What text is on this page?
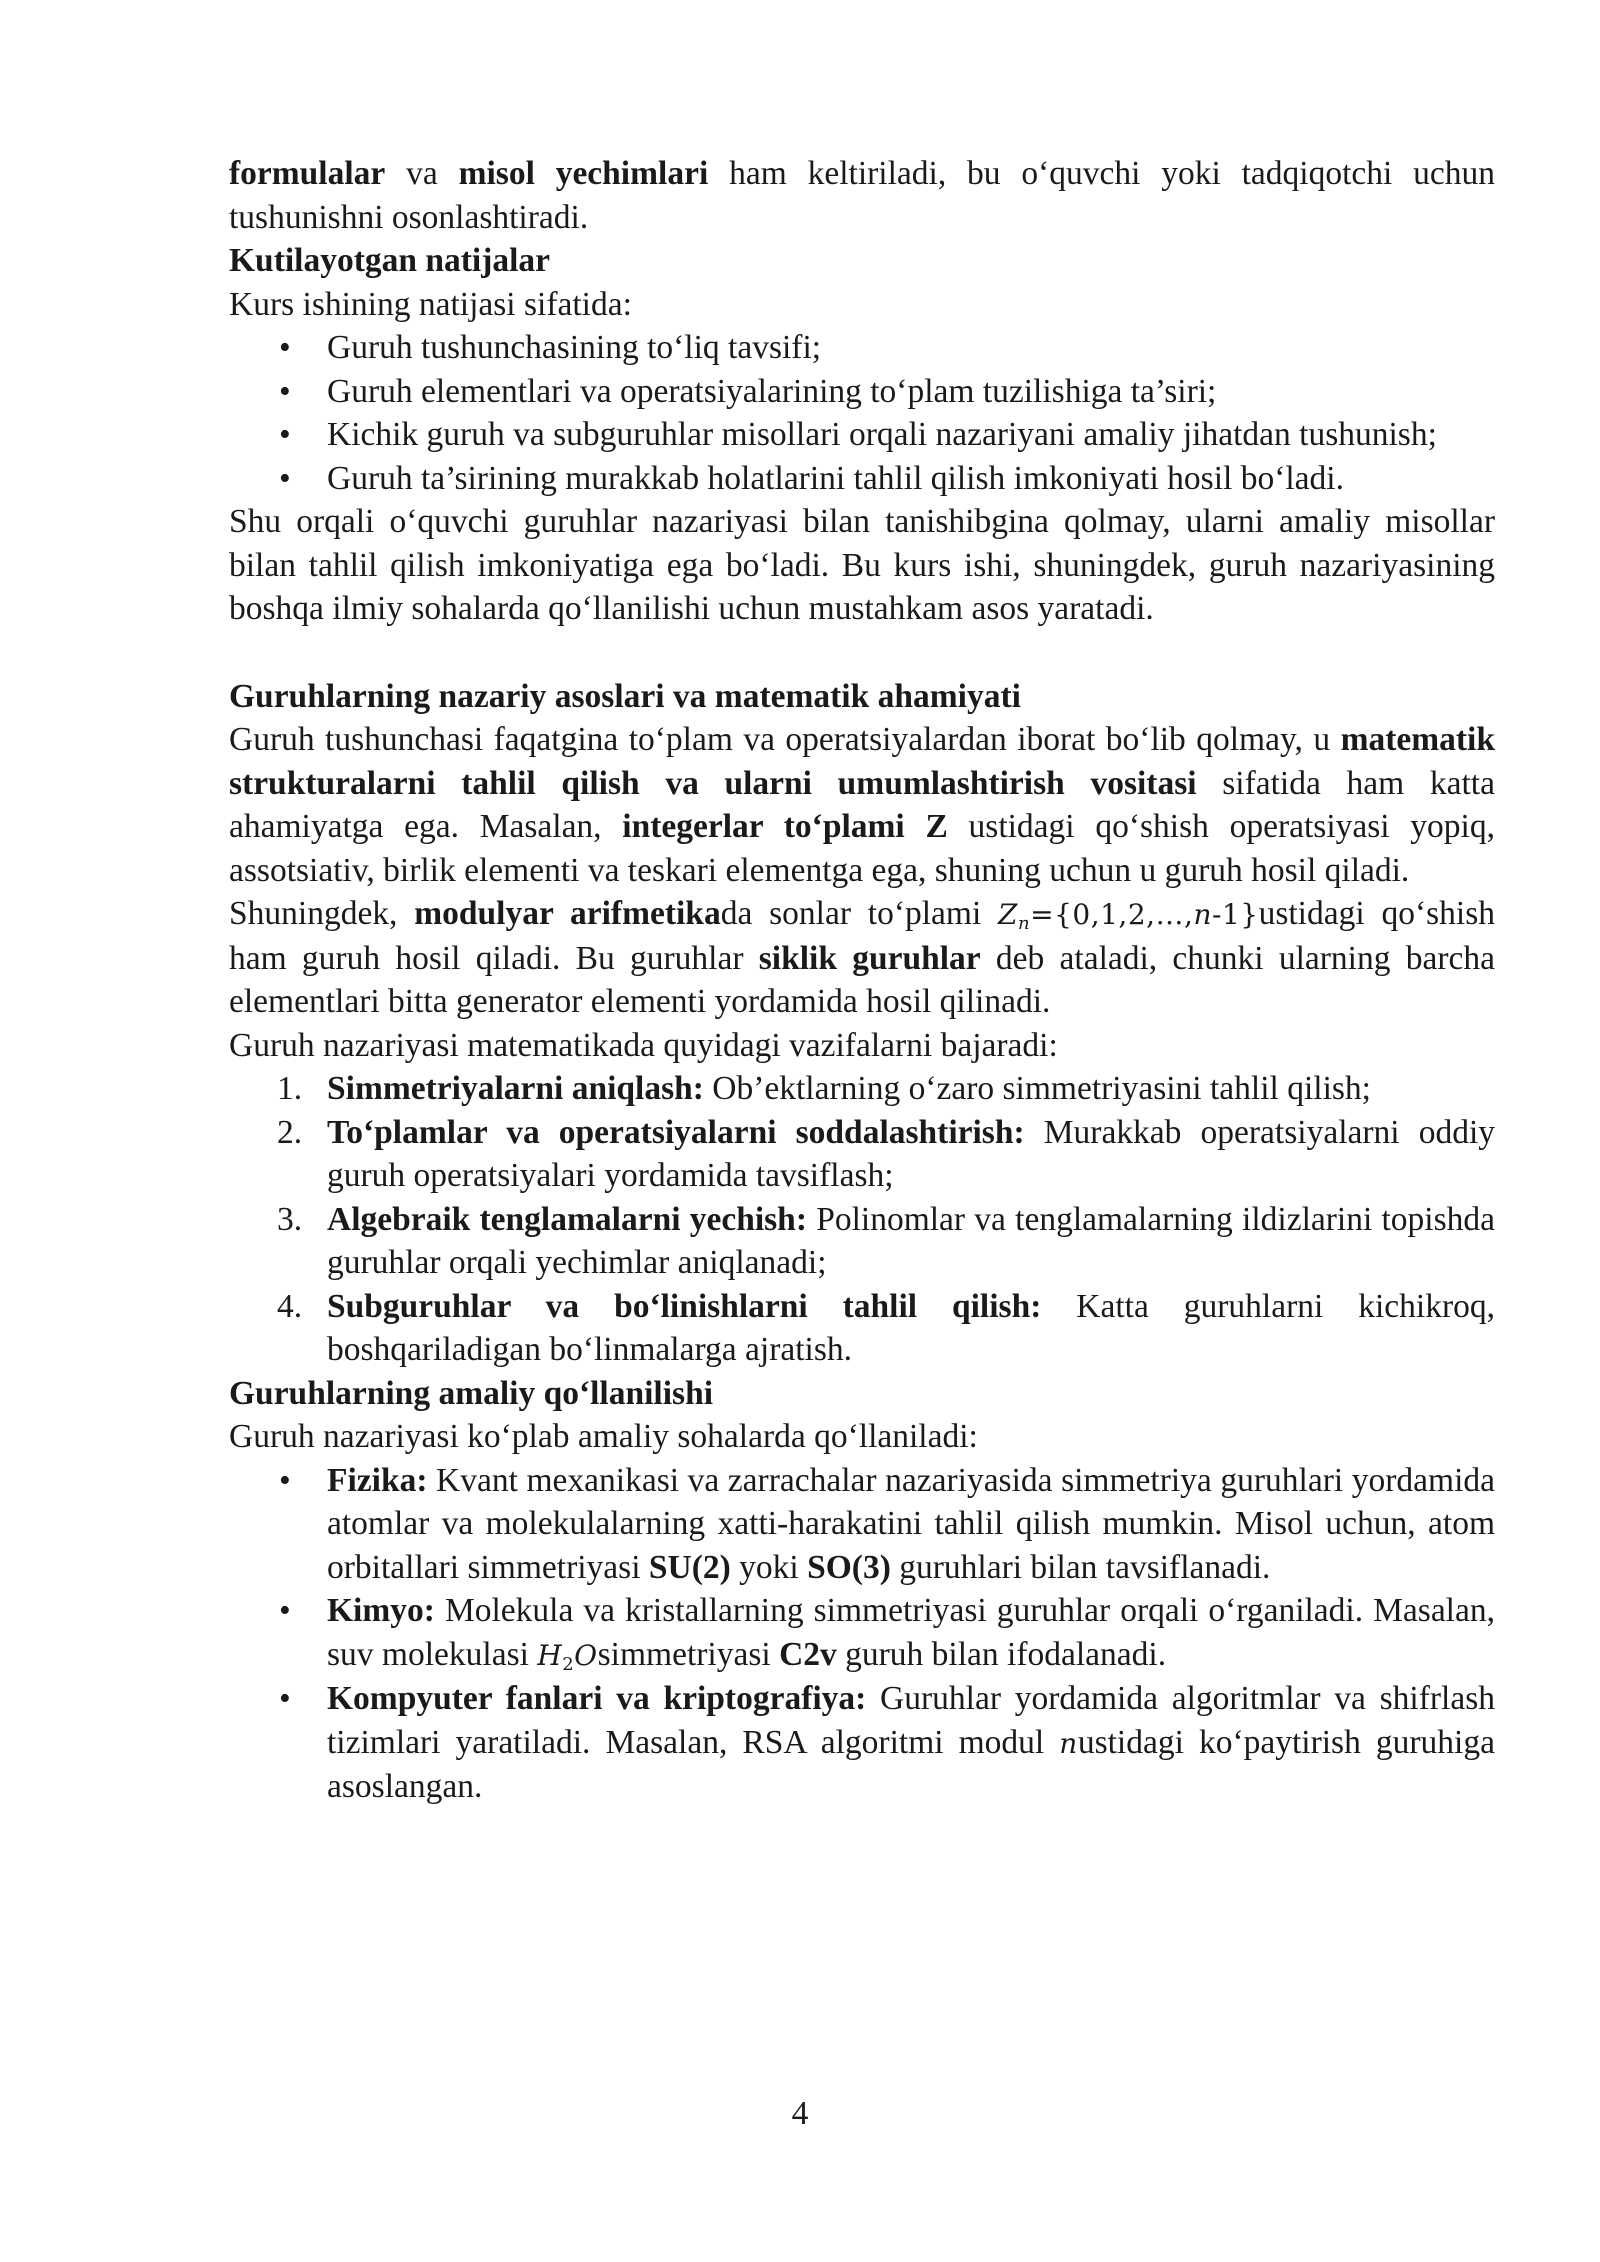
formulalar va misol yechimlari ham keltiriladi, bu o‘quvchi yoki tadqiqotchi uchun tushunishni osonlashtiradi.

Kutilayotgan natijalar

Kurs ishining natijasi sifatida:

• Guruh tushunchasining to‘liq tavsifi;
• Guruh elementlari va operatsiyalarining to‘plam tuzilishiga ta’siri;
• Kichik guruh va subguruhlar misollari orqali nazariyani amaliy jihatdan tushunish;
• Guruh ta’sirining murakkab holatlarini tahlil qilish imkoniyati hosil bo‘ladi.

Shu orqali o‘quvchi guruhlar nazariyasi bilan tanishibgina qolmay, ularni amaliy misollar bilan tahlil qilish imkoniyatiga ega bo‘ladi. Bu kurs ishi, shuningdek, guruh nazariyasining boshqa ilmiy sohalarda qo‘llanilishi uchun mustahkam asos yaratadi.

Guruhlarning nazariy asoslari va matematik ahamiyati

Guruh tushunchasi faqatgina to‘plam va operatsiyalardan iborat bo‘lib qolmay, u matematik strukturalarni tahlil qilish va ularni umumlashtirish vositasi sifatida ham katta ahamiyatga ega. Masalan, integerlar to‘plami Z ustidagi qo‘shish operatsiyasi yopiq, assotsiativ, birlik elementi va teskari elementga ega, shuning uchun u guruh hosil qiladi.

Shuningdek, modulyar arifmetikada sonlar to‘plami $Z_n=\{0,1,2,\dots,n-1\}ustidagi$ qo‘shish ham guruh hosil qiladi. Bu guruhlar siklik guruhlar deb ataladi, chunki ularning barcha elementlari bitta generator elementi yordamida hosil qilinadi.

Guruh nazariyasi matematikada quyidagi vazifalarni bajaradi:

1. Simmetriyalarni aniqlash: Ob’ektlarning o‘zaro simmetriyasini tahlil qilish;
2. To‘plamlar va operatsiyalarni soddalashtirish: Murakkab operatsiyalarni oddiy guruh operatsiyalari yordamida tavsiflash;
3. Algebraik tenglamalarni yechish: Polinomlar va tenglamalarning ildizlarini topishda guruhlar orqali yechimlar aniqlanadi;
4. Subguruhlar va bo‘linishlarni tahlil qilish: Katta guruhlarni kichikroq, boshqariladigan bo‘linmalarga ajratish.
Guruhlarning amaliy qo‘llanilishi

Guruh nazariyasi ko‘plab amaliy sohalarda qo‘llaniladi:

• Fizika: Kvant mexanikasi va zarrachalar nazariyasida simmetriya guruhlari yordamida atomlar va molekulalarning xatti-harakatini tahlil qilish mumkin. Misol uchun, atom orbitallari simmetriyasi SU(2) yoki SO(3) guruhlari bilan tavsiflanadi.
• Kimyo: Molekula va kristallarning simmetriyasi guruhlar orqali o‘rganiladi. Masalan, suv molekulasi $H_2Osimmetriyasi$ C2v guruh bilan ifodalanadi.
• Kompyuter fanlari va kriptografiya: Guruhlar yordamida algoritmlar va shifrlash tizimlari yaratiladi. Masalan, RSA algoritmi modul nustidagi ko‘paytirish guruhiga asoslangan.
4
